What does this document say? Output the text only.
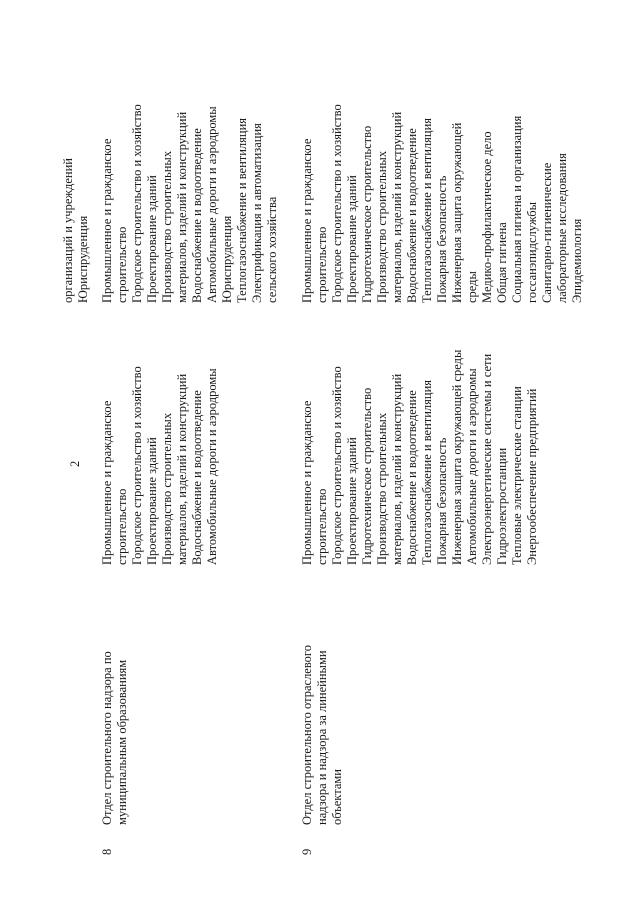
2
организаций и учреждений Юриспруденция
8
Отдел строительного надзора по муниципальным образованиям
Промышленное и гражданское строительство Городское строительство и хозяйство Проектирование зданий Производство строительных материалов, изделий и конструкций Водоснабжение и водоотведение Автомобильные дороги и аэродромы
Промышленное и гражданское строительство Городское строительство и хозяйство Проектирование зданий Производство строительных материалов, изделий и конструкций Водоснабжение и водоотведение Автомобильные дороги и аэродромы Юриспруденция Теплогазоснабжение и вентиляция Электрификация и автоматизация сельского хозяйства
9
Отдел строительного отраслевого надзора и надзора за линейными объектами
Промышленное и гражданское строительство Городское строительство и хозяйство Проектирование зданий Гидротехническое строительство Производство строительных материалов, изделий и конструкций Водоснабжение и водоотведение Теплогазоснабжение и вентиляция Пожарная безопасность Инженерная защита окружающей среды Автомобильные дороги и аэродромы Электроэнергетические системы и сети Гидроэлектростанции Тепловые электрические станции Энергообеспечение предприятий
Промышленное и гражданское строительство Городское строительство и хозяйство Проектирование зданий Гидротехническое строительство Производство строительных материалов, изделий и конструкций Водоснабжение и водоотведение Теплогазоснабжение и вентиляция Пожарная безопасность Инженерная защита окружающей среды Медико-профилактическое дело Общая гигиена Социальная гигиена и организация госсанэпидслужбы Санитарно-гигиенические лабораторные исследования Эпидемиология
